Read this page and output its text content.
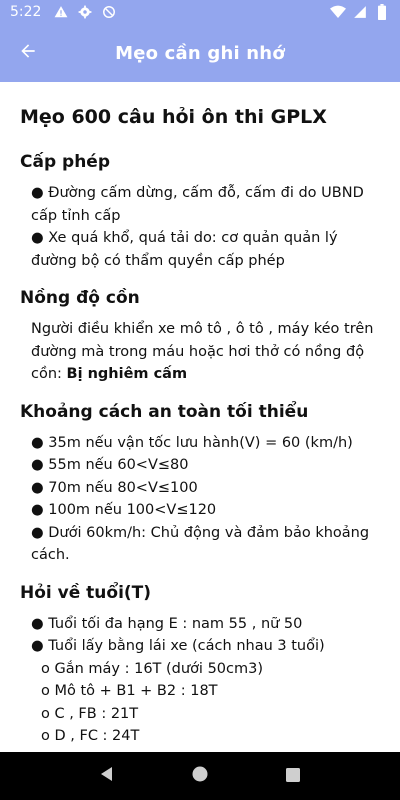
5:22
Mẹo cần ghi nhớ
Mẹo 600 câu hỏi ôn thi GPLX
Cấp phép
● Đường cấm dừng, cấm đỗ, cấm đi do UBND
cấp tỉnh cấp
● Xe quá khổ, quá tải do: cơ quản quản lý
đường bộ có thẩm quyền cấp phép
Nồng độ cồn
Người điều khiển xe mô tô , ô tô , máy kéo trên
đường mà trong máu hoặc hơi thở có nồng độ
cồn: Bị nghiêm cấm
Khoảng cách an toàn tối thiểu
● 35m nếu vận tốc lưu hành(V) = 60 (km/h)
● 55m nếu 60<V≤80
● 70m nếu 80<V≤100
● 100m nếu 100<V≤120
● Dưới 60km/h: Chủ động và đảm bảo khoảng
cách.
Hỏi về tuổi(T)
● Tuổi tối đa hạng E : nam 55 , nữ 50
● Tuổi lấy bằng lái xe (cách nhau 3 tuổi)
o Gắn máy : 16T (dưới 50cm3)
o Mô tô + B1 + B2 : 18T
o C , FB : 21T
o D , FC : 24T
